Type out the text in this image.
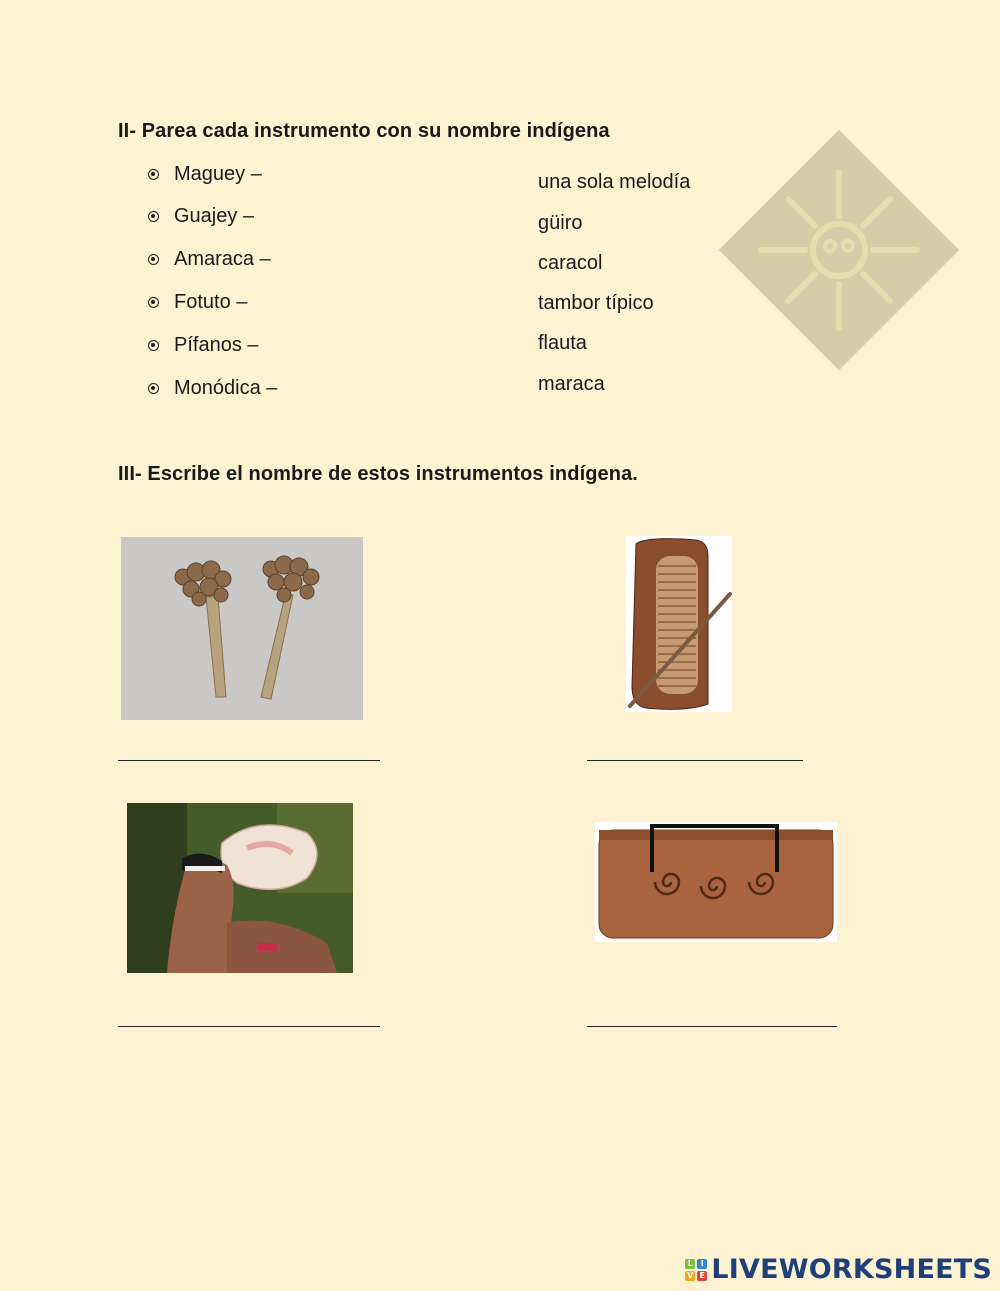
II- Parea cada instrumento con su nombre indígena
Maguey –
Guajey –
Amaraca –
Fotuto –
Pífanos –
Monódica –
una sola melodía
güiro
caracol
tambor típico
flauta
maraca
III- Escribe el nombre de estos instrumentos indígena.
L I
V E LIVEWORKSHEETS
